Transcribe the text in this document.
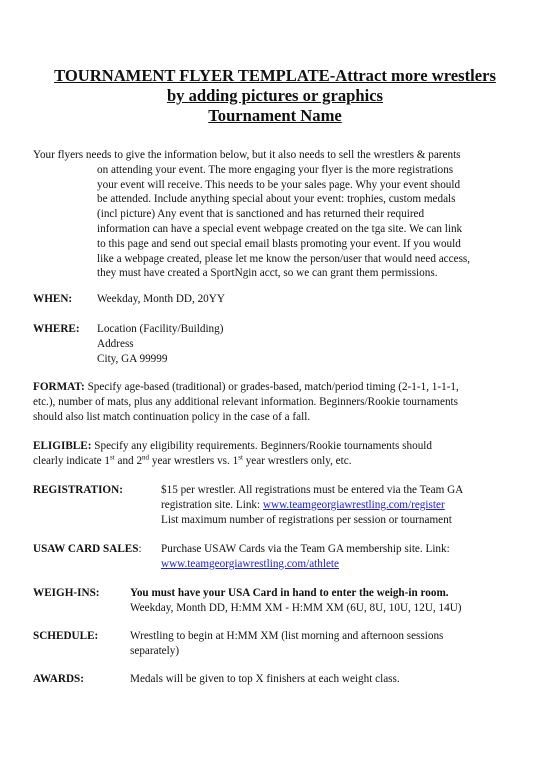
TOURNAMENT FLYER TEMPLATE-Attract more wrestlers
by adding pictures or graphics
Tournament Name
Your flyers needs to give the information below, but it also needs to sell the wrestlers & parents
on attending your event. The more engaging your flyer is the more registrations
your event will receive. This needs to be your sales page. Why your event should
be attended. Include anything special about your event: trophies, custom medals
(incl picture) Any event that is sanctioned and has returned their required
information can have a special event webpage created on the tga site. We can link
to this page and send out special email blasts promoting your event. If you would
like a webpage created, please let me know the person/user that would need access,
they must have created a SportNgin acct, so we can grant them permissions.
WHEN: Weekday, Month DD, 20YY
WHERE: Location (Facility/Building)
Address
City, GA 99999
FORMAT: Specify age-based (traditional) or grades-based, match/period timing (2-1-1, 1-1-1,
etc.), number of mats, plus any additional relevant information. Beginners/Rookie tournaments
should also list match continuation policy in the case of a fall.
ELIGIBLE: Specify any eligibility requirements. Beginners/Rookie tournaments should
clearly indicate 1st and 2nd year wrestlers vs. 1st year wrestlers only, etc.
REGISTRATION:	$15 per wrestler. All registrations must be entered via the Team GA
registration site. Link: www.teamgeorgiawrestling.com/register
List maximum number of registrations per session or tournament
USAW CARD SALES: Purchase USAW Cards via the Team GA membership site. Link:
www.teamgeorgiawrestling.com/athlete
WEIGH-INS:	You must have your USA Card in hand to enter the weigh-in room.
Weekday, Month DD, H:MM XM - H:MM XM (6U, 8U, 10U, 12U, 14U)
SCHEDULE:	Wrestling to begin at H:MM XM (list morning and afternoon sessions
separately)
AWARDS:	Medals will be given to top X finishers at each weight class.
